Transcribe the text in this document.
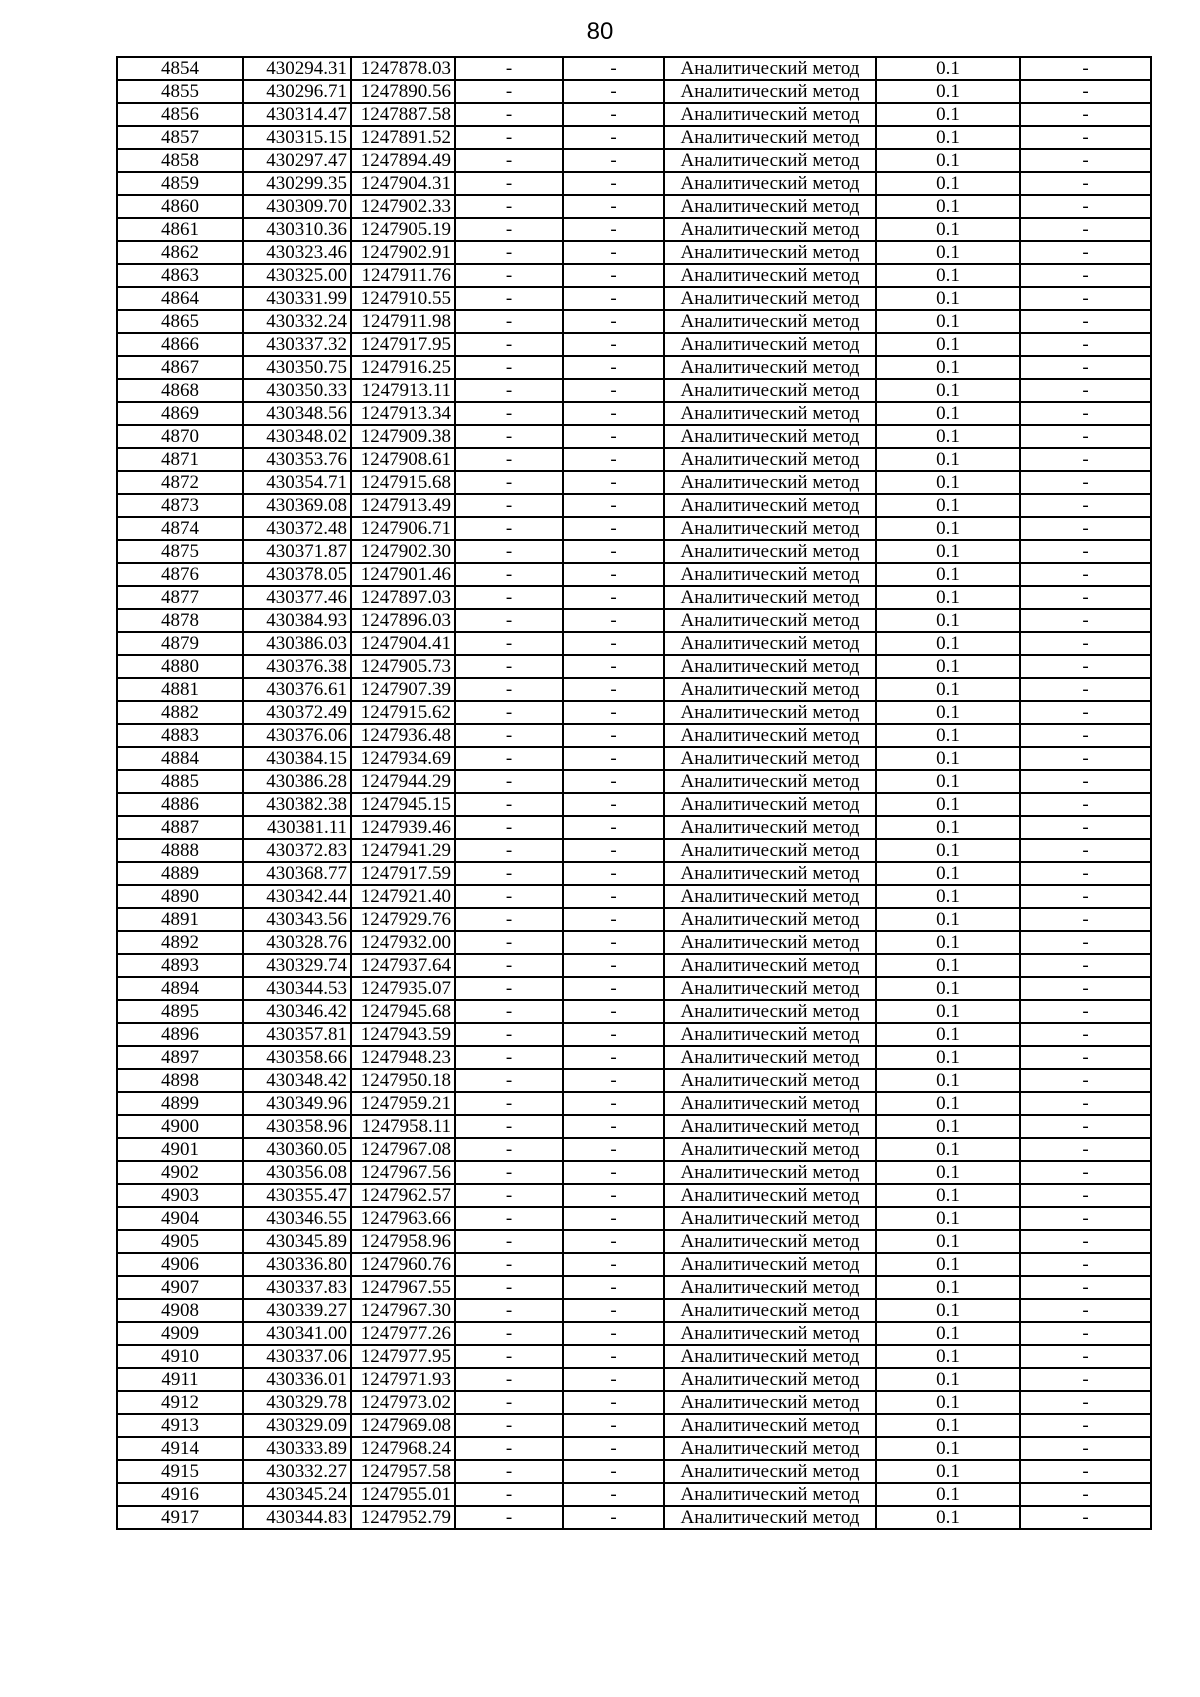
80
4854	430294.31	1247878.03	-	-	Аналитический метод	0.1	-
4855	430296.71	1247890.56	-	-	Аналитический метод	0.1	-
4856	430314.47	1247887.58	-	-	Аналитический метод	0.1	-
4857	430315.15	1247891.52	-	-	Аналитический метод	0.1	-
4858	430297.47	1247894.49	-	-	Аналитический метод	0.1	-
4859	430299.35	1247904.31	-	-	Аналитический метод	0.1	-
4860	430309.70	1247902.33	-	-	Аналитический метод	0.1	-
4861	430310.36	1247905.19	-	-	Аналитический метод	0.1	-
4862	430323.46	1247902.91	-	-	Аналитический метод	0.1	-
4863	430325.00	1247911.76	-	-	Аналитический метод	0.1	-
4864	430331.99	1247910.55	-	-	Аналитический метод	0.1	-
4865	430332.24	1247911.98	-	-	Аналитический метод	0.1	-
4866	430337.32	1247917.95	-	-	Аналитический метод	0.1	-
4867	430350.75	1247916.25	-	-	Аналитический метод	0.1	-
4868	430350.33	1247913.11	-	-	Аналитический метод	0.1	-
4869	430348.56	1247913.34	-	-	Аналитический метод	0.1	-
4870	430348.02	1247909.38	-	-	Аналитический метод	0.1	-
4871	430353.76	1247908.61	-	-	Аналитический метод	0.1	-
4872	430354.71	1247915.68	-	-	Аналитический метод	0.1	-
4873	430369.08	1247913.49	-	-	Аналитический метод	0.1	-
4874	430372.48	1247906.71	-	-	Аналитический метод	0.1	-
4875	430371.87	1247902.30	-	-	Аналитический метод	0.1	-
4876	430378.05	1247901.46	-	-	Аналитический метод	0.1	-
4877	430377.46	1247897.03	-	-	Аналитический метод	0.1	-
4878	430384.93	1247896.03	-	-	Аналитический метод	0.1	-
4879	430386.03	1247904.41	-	-	Аналитический метод	0.1	-
4880	430376.38	1247905.73	-	-	Аналитический метод	0.1	-
4881	430376.61	1247907.39	-	-	Аналитический метод	0.1	-
4882	430372.49	1247915.62	-	-	Аналитический метод	0.1	-
4883	430376.06	1247936.48	-	-	Аналитический метод	0.1	-
4884	430384.15	1247934.69	-	-	Аналитический метод	0.1	-
4885	430386.28	1247944.29	-	-	Аналитический метод	0.1	-
4886	430382.38	1247945.15	-	-	Аналитический метод	0.1	-
4887	430381.11	1247939.46	-	-	Аналитический метод	0.1	-
4888	430372.83	1247941.29	-	-	Аналитический метод	0.1	-
4889	430368.77	1247917.59	-	-	Аналитический метод	0.1	-
4890	430342.44	1247921.40	-	-	Аналитический метод	0.1	-
4891	430343.56	1247929.76	-	-	Аналитический метод	0.1	-
4892	430328.76	1247932.00	-	-	Аналитический метод	0.1	-
4893	430329.74	1247937.64	-	-	Аналитический метод	0.1	-
4894	430344.53	1247935.07	-	-	Аналитический метод	0.1	-
4895	430346.42	1247945.68	-	-	Аналитический метод	0.1	-
4896	430357.81	1247943.59	-	-	Аналитический метод	0.1	-
4897	430358.66	1247948.23	-	-	Аналитический метод	0.1	-
4898	430348.42	1247950.18	-	-	Аналитический метод	0.1	-
4899	430349.96	1247959.21	-	-	Аналитический метод	0.1	-
4900	430358.96	1247958.11	-	-	Аналитический метод	0.1	-
4901	430360.05	1247967.08	-	-	Аналитический метод	0.1	-
4902	430356.08	1247967.56	-	-	Аналитический метод	0.1	-
4903	430355.47	1247962.57	-	-	Аналитический метод	0.1	-
4904	430346.55	1247963.66	-	-	Аналитический метод	0.1	-
4905	430345.89	1247958.96	-	-	Аналитический метод	0.1	-
4906	430336.80	1247960.76	-	-	Аналитический метод	0.1	-
4907	430337.83	1247967.55	-	-	Аналитический метод	0.1	-
4908	430339.27	1247967.30	-	-	Аналитический метод	0.1	-
4909	430341.00	1247977.26	-	-	Аналитический метод	0.1	-
4910	430337.06	1247977.95	-	-	Аналитический метод	0.1	-
4911	430336.01	1247971.93	-	-	Аналитический метод	0.1	-
4912	430329.78	1247973.02	-	-	Аналитический метод	0.1	-
4913	430329.09	1247969.08	-	-	Аналитический метод	0.1	-
4914	430333.89	1247968.24	-	-	Аналитический метод	0.1	-
4915	430332.27	1247957.58	-	-	Аналитический метод	0.1	-
4916	430345.24	1247955.01	-	-	Аналитический метод	0.1	-
4917	430344.83	1247952.79	-	-	Аналитический метод	0.1	-
